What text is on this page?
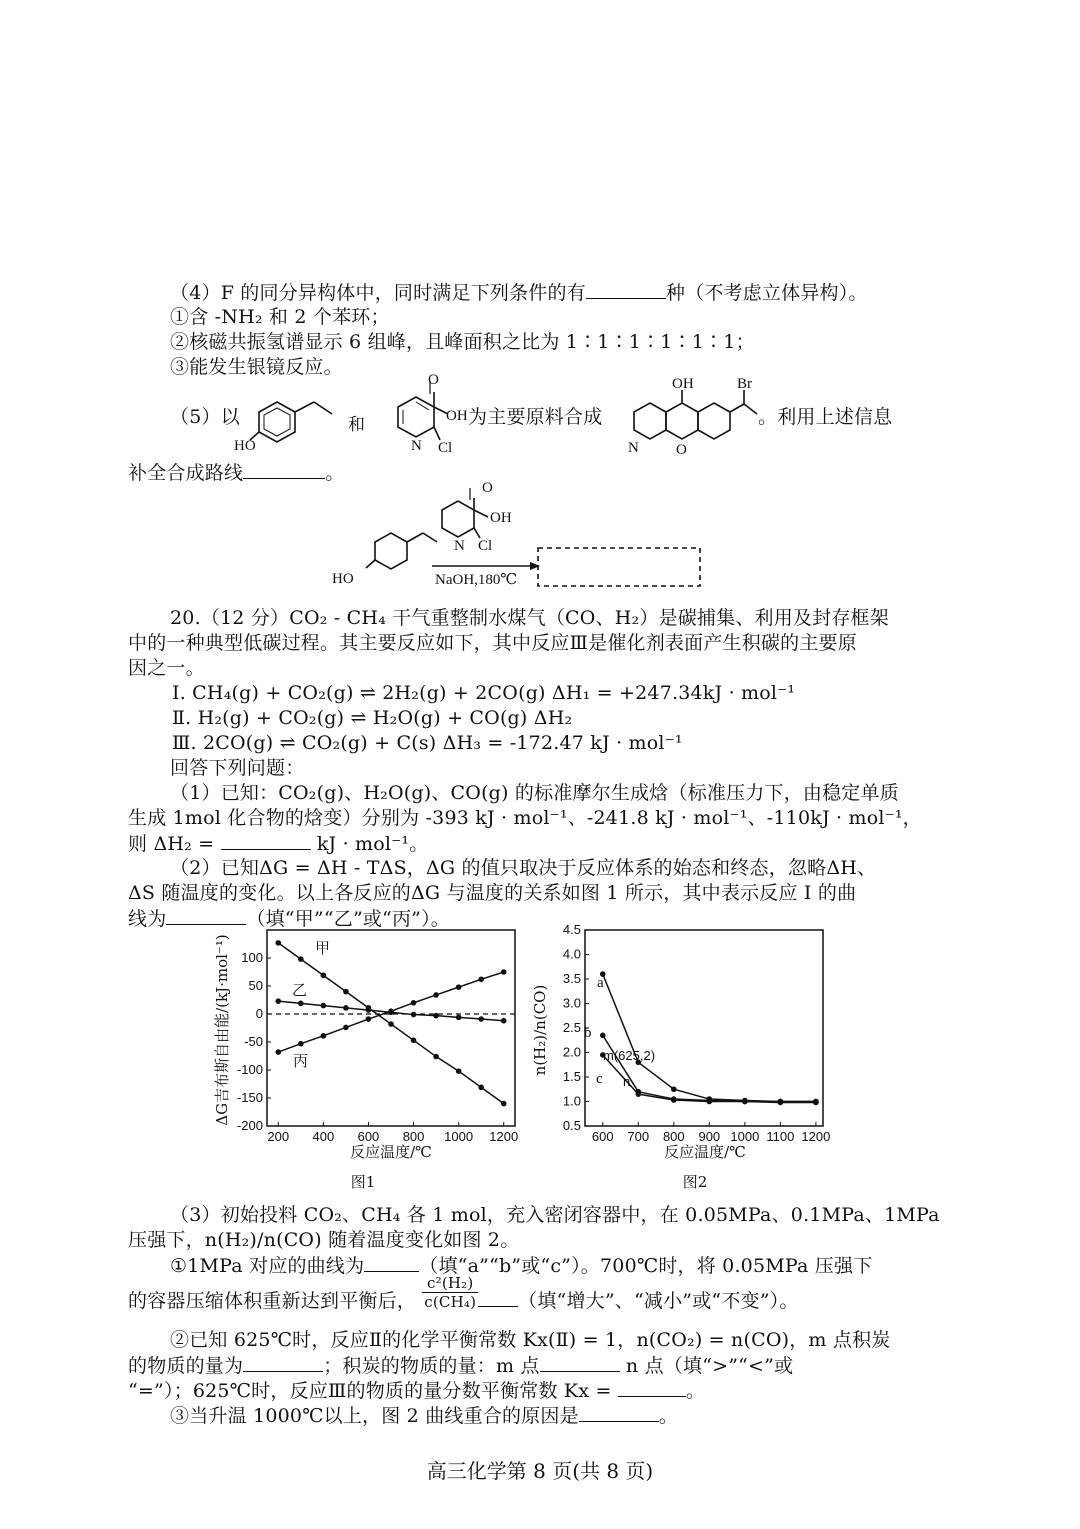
（4）F 的同分异构体中，同时满足下列条件的有	种（不考虑立体异构）。
①含 -NH₂ 和 2 个苯环；
②核磁共振氢谱显示 6 组峰，且峰面积之比为 1∶1∶1∶1∶1∶1；
③能发生银镜反应。
（5）以
HO
和
O
OH
N Cl
为主要原料合成
OH	Br
O
N
。利用上述信息
补全合成路线	。
HO
O
OH
N Cl
NaOH,180℃
20.（12 分）CO₂ - CH₄ 干气重整制水煤气（CO、H₂）是碳捕集、利用及封存框架
中的一种典型低碳过程。其主要反应如下，其中反应Ⅲ是催化剂表面产生积碳的主要原
因之一。
Ⅰ. CH₄(g) + CO₂(g) ⇌ 2H₂(g) + 2CO(g) ΔH₁ = +247.34kJ · mol⁻¹
Ⅱ. H₂(g) + CO₂(g) ⇌ H₂O(g) + CO(g) ΔH₂
Ⅲ. 2CO(g) ⇌ CO₂(g) + C(s) ΔH₃ = -172.47 kJ · mol⁻¹
回答下列问题：
（1）已知：CO₂(g)、H₂O(g)、CO(g) 的标准摩尔生成焓（标准压力下，由稳定单质
生成 1mol 化合物的焓变）分别为 -393 kJ · mol⁻¹、-241.8 kJ · mol⁻¹、-110kJ · mol⁻¹，
则 ΔH₂ =	kJ · mol⁻¹。
（2）已知ΔG = ΔH - TΔS，ΔG 的值只取决于反应体系的始态和终态，忽略ΔH、
ΔS 随温度的变化。以上各反应的ΔG 与温度的关系如图 1 所示，其中表示反应 Ⅰ 的曲
线为	（填“甲”“乙”或“丙”）。
ΔG吉布斯自由能/(kJ·mol⁻¹)
反应温度/℃
图1
200 400 600 800 1000 1200
-200
-150
-100
-50
0
50
100
甲
乙
丙	n(H₂)/n(CO)
反应温度/℃
图2
600 700 800 900 1000 1100 1200
0.5
1.0
1.5
2.0
2.5
3.0
3.5
4.0
4.5
a
b
c
m(625,2)
n
（3）初始投料 CO₂、CH₄ 各 1 mol，充入密闭容器中，在 0.05MPa、0.1MPa、1MPa
压强下，n(H₂)/n(CO) 随着温度变化如图 2。
①1MPa 对应的曲线为	（填“a”“b”或“c”）。700℃时，将 0.05MPa 压强下
的容器压缩体积重新达到平衡后， $\frac{\text{c²(H₂)}}{\text{c(CH₄)}}$ （填“增大”、“减小”或“不变”）。
②已知 625℃时，反应Ⅱ的化学平衡常数 Kx(Ⅱ) = 1，n(CO₂) = n(CO)，m 点积炭
的物质的量为	；积炭的物质的量：m 点	n 点（填“>”“<”或
“=”）；625℃时，反应Ⅲ的物质的量分数平衡常数 Kx =	。
③当升温 1000℃以上，图 2 曲线重合的原因是	。
高三化学第 8 页(共 8 页)
